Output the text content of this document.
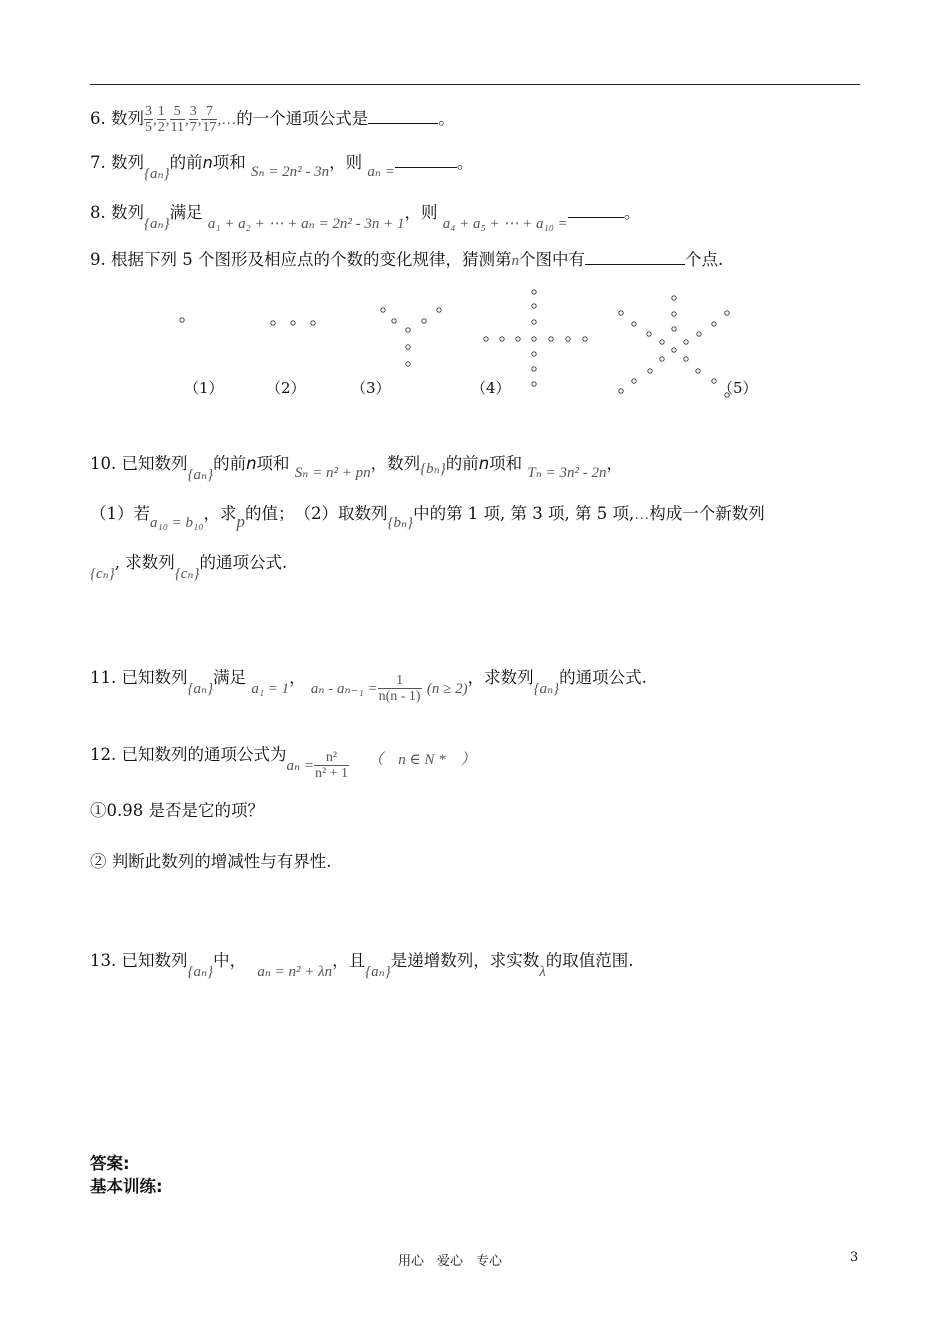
6. 数列 $\frac{3}{5}$ , $\frac{1}{2}$ , $\frac{5}{11}$ , $\frac{3}{7}$ , $\frac{7}{17}$ ,…的一个通项公式是	。
7. 数列{aₙ}的前n项和 Sₙ = 2n² - 3n，则 aₙ =	。
8. 数列{aₙ}满足 a₁ + a₂ + ⋯ + aₙ = 2n² - 3n + 1，则 a₄ + a₅ + ⋯ + a₁₀ =。
9. 根据下列 5 个图形及相应点的个数的变化规律，猜测第n个图中有	个点.
（1）	（2）	（3）	（4）	（5）
10. 已知数列{aₙ}的前n项和 Sₙ = n² + pn，数列{bₙ}的前n项和 Tₙ = 3n² - 2n，
（1）若a₁₀ = b₁₀，求p的值；　（2）取数列{bₙ}中的第 1 项, 第 3 项, 第 5 项,…构成一个新数列
{cₙ}, 求数列{cₙ}的通项公式.
11. 已知数列{aₙ}满足 a₁ = 1， $a_n - a_{n-1} = \frac{1}{n(n - 1)} (n \ge 2)$，求数列{aₙ}的通项公式.
12. 已知数列的通项公式为$a_n = \frac{\text{n²}}{\text{n² + 1}}$ （　n ∈ N *　）
①0.98 是否是它的项？
② 判断此数列的增减性与有界性.
13. 已知数列{aₙ}中， aₙ = n² + λn，且{aₙ}是递增数列，求实数λ的取值范围.
答案:
基本训练:
用心　爱心　专心	3
